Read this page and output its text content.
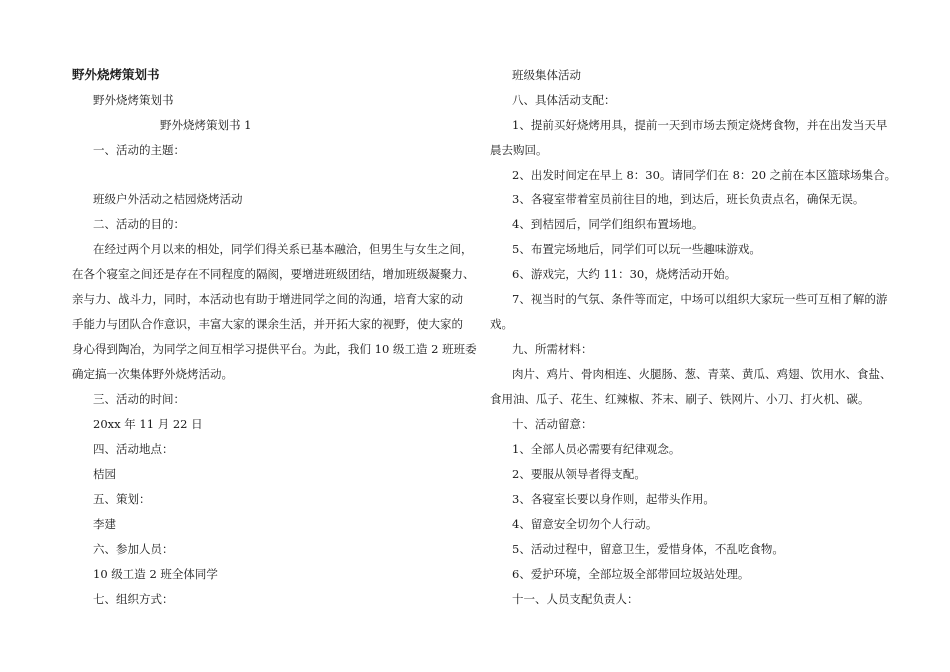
野外烧烤策划书
野外烧烤策划书
野外烧烤策划书 1
一、活动的主题：
班级户外活动之桔园烧烤活动
二、活动的目的：
在经过两个月以来的相处，同学们得关系已基本融洽，但男生与女生之间，
在各个寝室之间还是存在不同程度的隔阂，要增进班级团结，增加班级凝聚力、
亲与力、战斗力，同时，本活动也有助于增进同学之间的沟通，培育大家的动
手能力与团队合作意识，丰富大家的课余生活，并开拓大家的视野，使大家的
身心得到陶冶，为同学之间互相学习提供平台。为此，我们 10 级工造 2 班班委
确定搞一次集体野外烧烤活动。
三、活动的时间：
20xx 年 11 月 22 日
四、活动地点：
桔园
五、策划：
李建
六、参加人员：
10 级工造 2 班全体同学
七、组织方式：
班级集体活动
八、具体活动支配：
1、提前买好烧烤用具，提前一天到市场去预定烧烤食物，并在出发当天早
晨去购回。
2、出发时间定在早上 8：30。请同学们在 8：20 之前在本区篮球场集合。
3、各寝室带着室员前往目的地，到达后，班长负责点名，确保无误。
4、到桔园后，同学们组织布置场地。
5、布置完场地后，同学们可以玩一些趣味游戏。
6、游戏完，大约 11：30，烧烤活动开始。
7、视当时的气氛、条件等而定，中场可以组织大家玩一些可互相了解的游
戏。
九、所需材料：
肉片、鸡片、骨肉相连、火腿肠、葱、青菜、黄瓜、鸡翅、饮用水、食盐、
食用油、瓜子、花生、红辣椒、芥末、刷子、铁网片、小刀、打火机、碳。
十、活动留意：
1、全部人员必需要有纪律观念。
2、要服从领导者得支配。
3、各寝室长要以身作则，起带头作用。
4、留意安全切勿个人行动。
5、活动过程中，留意卫生，爱惜身体，不乱吃食物。
6、爱护环境，全部垃圾全部带回垃圾站处理。
十一、人员支配负责人：
